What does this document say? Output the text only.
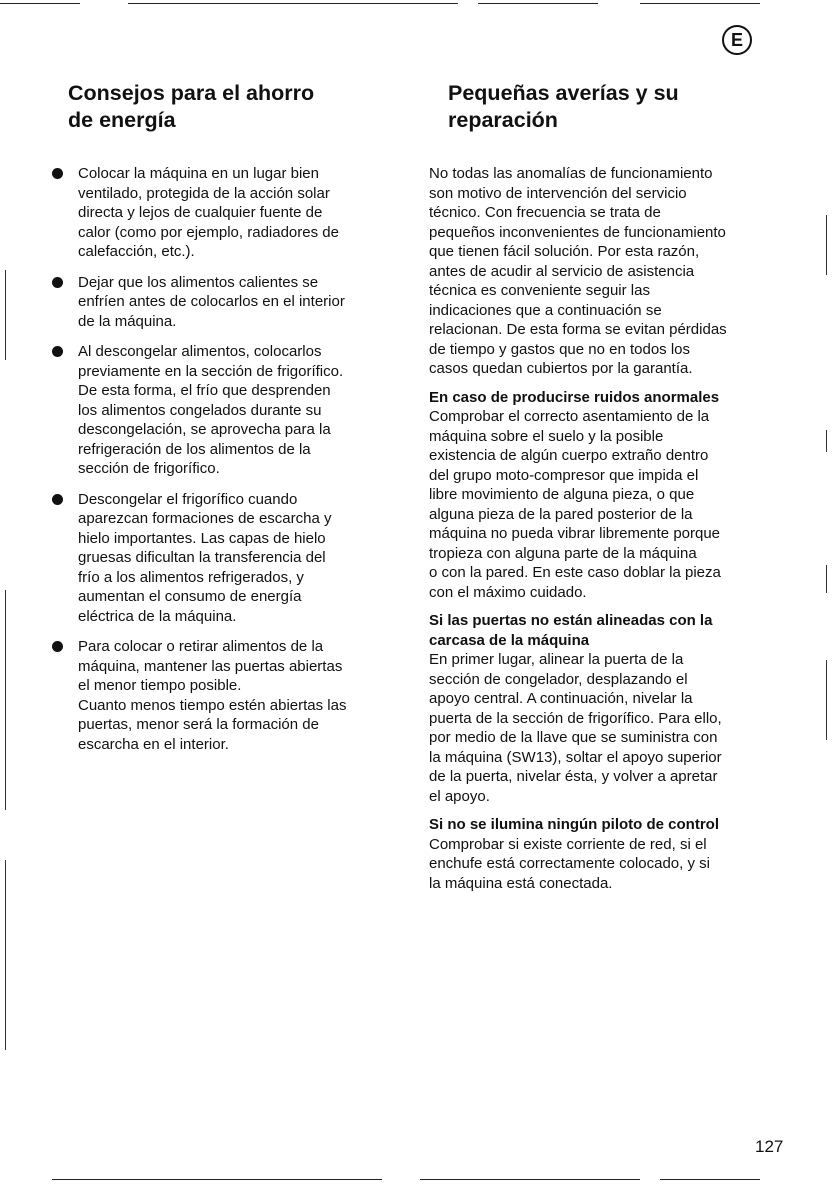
E
Consejos para el ahorro
de energía
Pequeñas averías y su
reparación
Colocar la máquina en un lugar bien
ventilado, protegida de la acción solar
directa y lejos de cualquier fuente de
calor (como por ejemplo, radiadores de
calefacción, etc.).
Dejar que los alimentos calientes se
enfríen antes de colocarlos en el interior
de la máquina.
Al descongelar alimentos, colocarlos
previamente en la sección de frigorífico.
De esta forma, el frío que desprenden
los alimentos congelados durante su
descongelación, se aprovecha para la
refrigeración de los alimentos de la
sección de frigorífico.
Descongelar el frigorífico cuando
aparezcan formaciones de escarcha y
hielo importantes. Las capas de hielo
gruesas dificultan la transferencia del
frío a los alimentos refrigerados, y
aumentan el consumo de energía
eléctrica de la máquina.
Para colocar o retirar alimentos de la
máquina, mantener las puertas abiertas
el menor tiempo posible.
Cuanto menos tiempo estén abiertas las
puertas, menor será la formación de
escarcha en el interior.

No todas las anomalías de funcionamiento
son motivo de intervención del servicio
técnico. Con frecuencia se trata de
pequeños inconvenientes de funcionamiento
que tienen fácil solución. Por esta razón,
antes de acudir al servicio de asistencia
técnica es conveniente seguir las
indicaciones que a continuación se
relacionan. De esta forma se evitan pérdidas
de tiempo y gastos que no en todos los
casos quedan cubiertos por la garantía.

En caso de producirse ruidos anormales

Comprobar el correcto asentamiento de la
máquina sobre el suelo y la posible
existencia de algún cuerpo extraño dentro
del grupo moto-compresor que impida el
libre movimiento de alguna pieza, o que
alguna pieza de la pared posterior de la
máquina no pueda vibrar libremente porque
tropieza con alguna parte de la máquina
o con la pared. En este caso doblar la pieza
con el máximo cuidado.

Si las puertas no están alineadas con la
carcasa de la máquina

En primer lugar, alinear la puerta de la
sección de congelador, desplazando el
apoyo central. A continuación, nivelar la
puerta de la sección de frigorífico. Para ello,
por medio de la llave que se suministra con
la máquina (SW13), soltar el apoyo superior
de la puerta, nivelar ésta, y volver a apretar
el apoyo.

Si no se ilumina ningún piloto de control

Comprobar si existe corriente de red, si el
enchufe está correctamente colocado, y si
la máquina está conectada.

127
